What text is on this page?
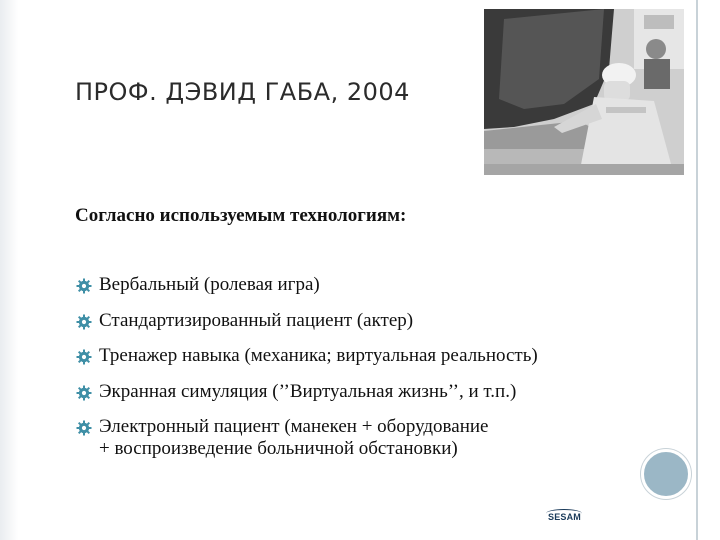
ПРОФ. ДЭВИД ГАБА, 2004
Согласно используемым технологиям:
Вербальный (ролевая игра)
Стандартизированный пациент (актер)
Тренажер навыка (механика; виртуальная реальность)
Экранная симуляция (’’Виртуальная жизнь’’, и т.п.)
Электронный пациент (манекен + оборудование
+ воспроизведение больничной обстановки)
SESAM
